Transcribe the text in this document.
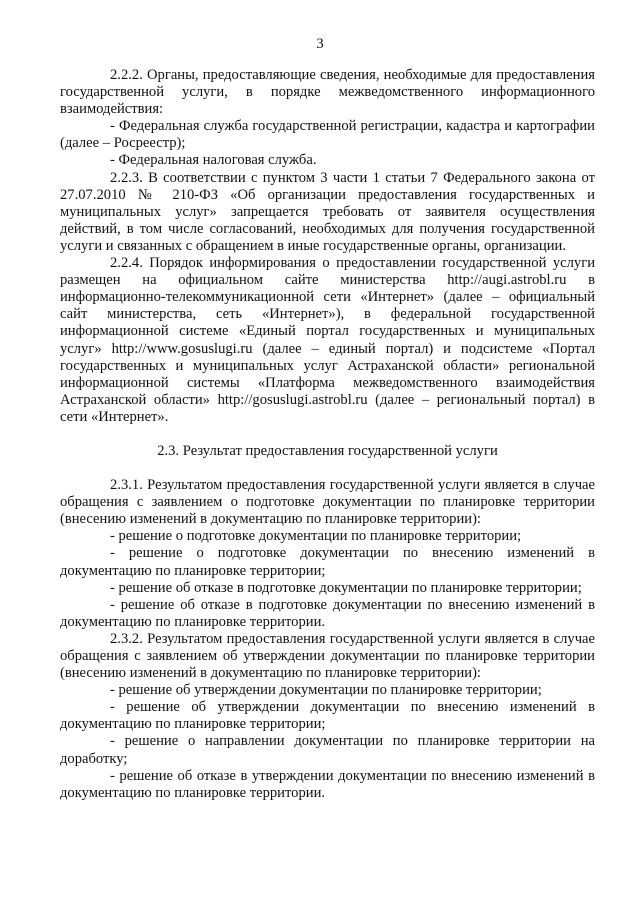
3

2.2.2. Органы, предоставляющие сведения, необходимые для предоставления государственной услуги, в порядке межведомственного информационного взаимодействия:

- Федеральная служба государственной регистрации, кадастра и картографии (далее – Росреестр);

- Федеральная налоговая служба.

2.2.3. В соответствии с пунктом 3 части 1 статьи 7 Федерального закона от 27.07.2010 № 210-ФЗ «Об организации предоставления государственных и муниципальных услуг» запрещается требовать от заявителя осуществления действий, в том числе согласований, необходимых для получения государственной услуги и связанных с обращением в иные государственные органы, организации.

2.2.4. Порядок информирования о предоставлении государственной услуги размещен на официальном сайте министерства http://augi.astrobl.ru в информационно-телекоммуникационной сети «Интернет» (далее – официальный сайт министерства, сеть «Интернет»), в федеральной государственной информационной системе «Единый портал государственных и муниципальных услуг» http://www.gosuslugi.ru (далее – единый портал) и подсистеме «Портал государственных и муниципальных услуг Астраханской области» региональной информационной системы «Платформа межведомственного взаимодействия Астраханской области» http://gosuslugi.astrobl.ru (далее – региональный портал) в сети «Интернет».

2.3. Результат предоставления государственной услуги

2.3.1. Результатом предоставления государственной услуги является в случае обращения с заявлением о подготовке документации по планировке территории (внесению изменений в документацию по планировке территории):

- решение о подготовке документации по планировке территории;

- решение о подготовке документации по внесению изменений в документацию по планировке территории;

- решение об отказе в подготовке документации по планировке территории;

- решение об отказе в подготовке документации по внесению изменений в документацию по планировке территории.

2.3.2. Результатом предоставления государственной услуги является в случае обращения с заявлением об утверждении документации по планировке территории (внесению изменений в документацию по планировке территории):

- решение об утверждении документации по планировке территории;

- решение об утверждении документации по внесению изменений в документацию по планировке территории;

- решение о направлении документации по планировке территории на доработку;

- решение об отказе в утверждении документации по внесению изменений в документацию по планировке территории.
